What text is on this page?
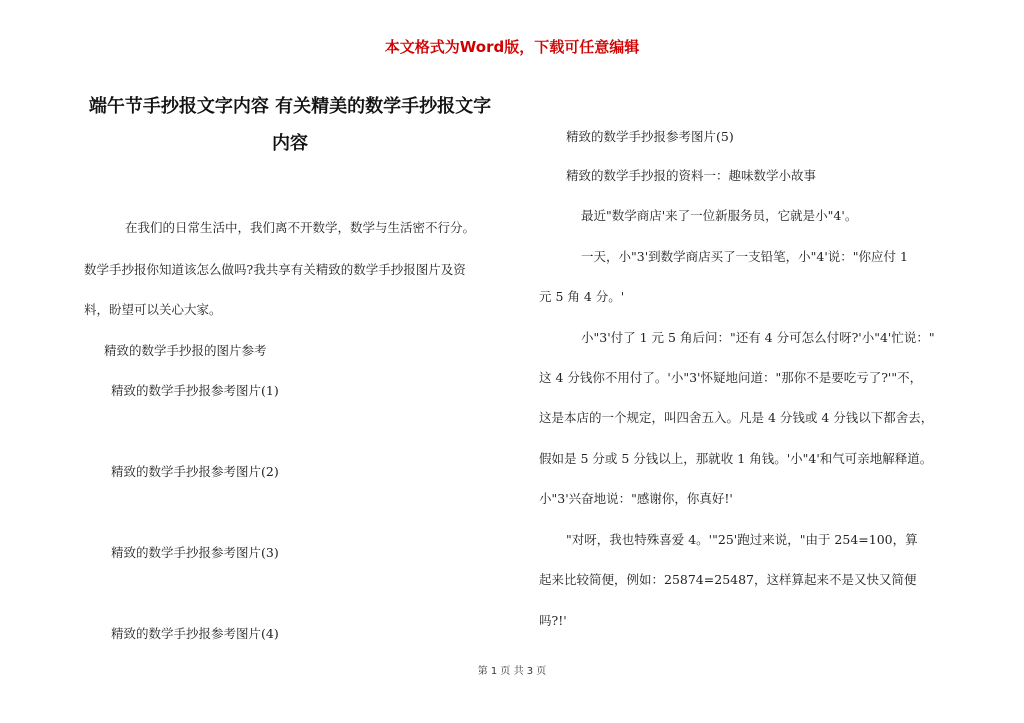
本文格式为Word版，下载可任意编辑
端午节手抄报文字内容 有关精美的数学手抄报文字
内容
在我们的日常生活中，我们离不开数学，数学与生活密不行分。
数学手抄报你知道该怎么做吗?我共享有关精致的数学手抄报图片及资
料，盼望可以关心大家。
精致的数学手抄报的图片参考
精致的数学手抄报参考图片(1)
精致的数学手抄报参考图片(2)
精致的数学手抄报参考图片(3)
精致的数学手抄报参考图片(4)
精致的数学手抄报参考图片(5)
精致的数学手抄报的资料一：趣味数学小故事
最近"数学商店'来了一位新服务员，它就是小"4'。
一天，小"3'到数学商店买了一支铅笔，小"4'说："你应付 1
元 5 角 4 分。'
小"3'付了 1 元 5 角后问："还有 4 分可怎么付呀?'小"4'忙说："
这 4 分钱你不用付了。'小"3'怀疑地问道："那你不是要吃亏了?'"不，
这是本店的一个规定，叫四舍五入。凡是 4 分钱或 4 分钱以下都舍去，
假如是 5 分或 5 分钱以上，那就收 1 角钱。'小"4'和气可亲地解释道。
小"3'兴奋地说："感谢你，你真好!'
"对呀，我也特殊喜爱 4。'"25'跑过来说，"由于 254=100，算
起来比较简便，例如：25874=25487，这样算起来不是又快又简便
吗?!'
第 1 页 共 3 页
